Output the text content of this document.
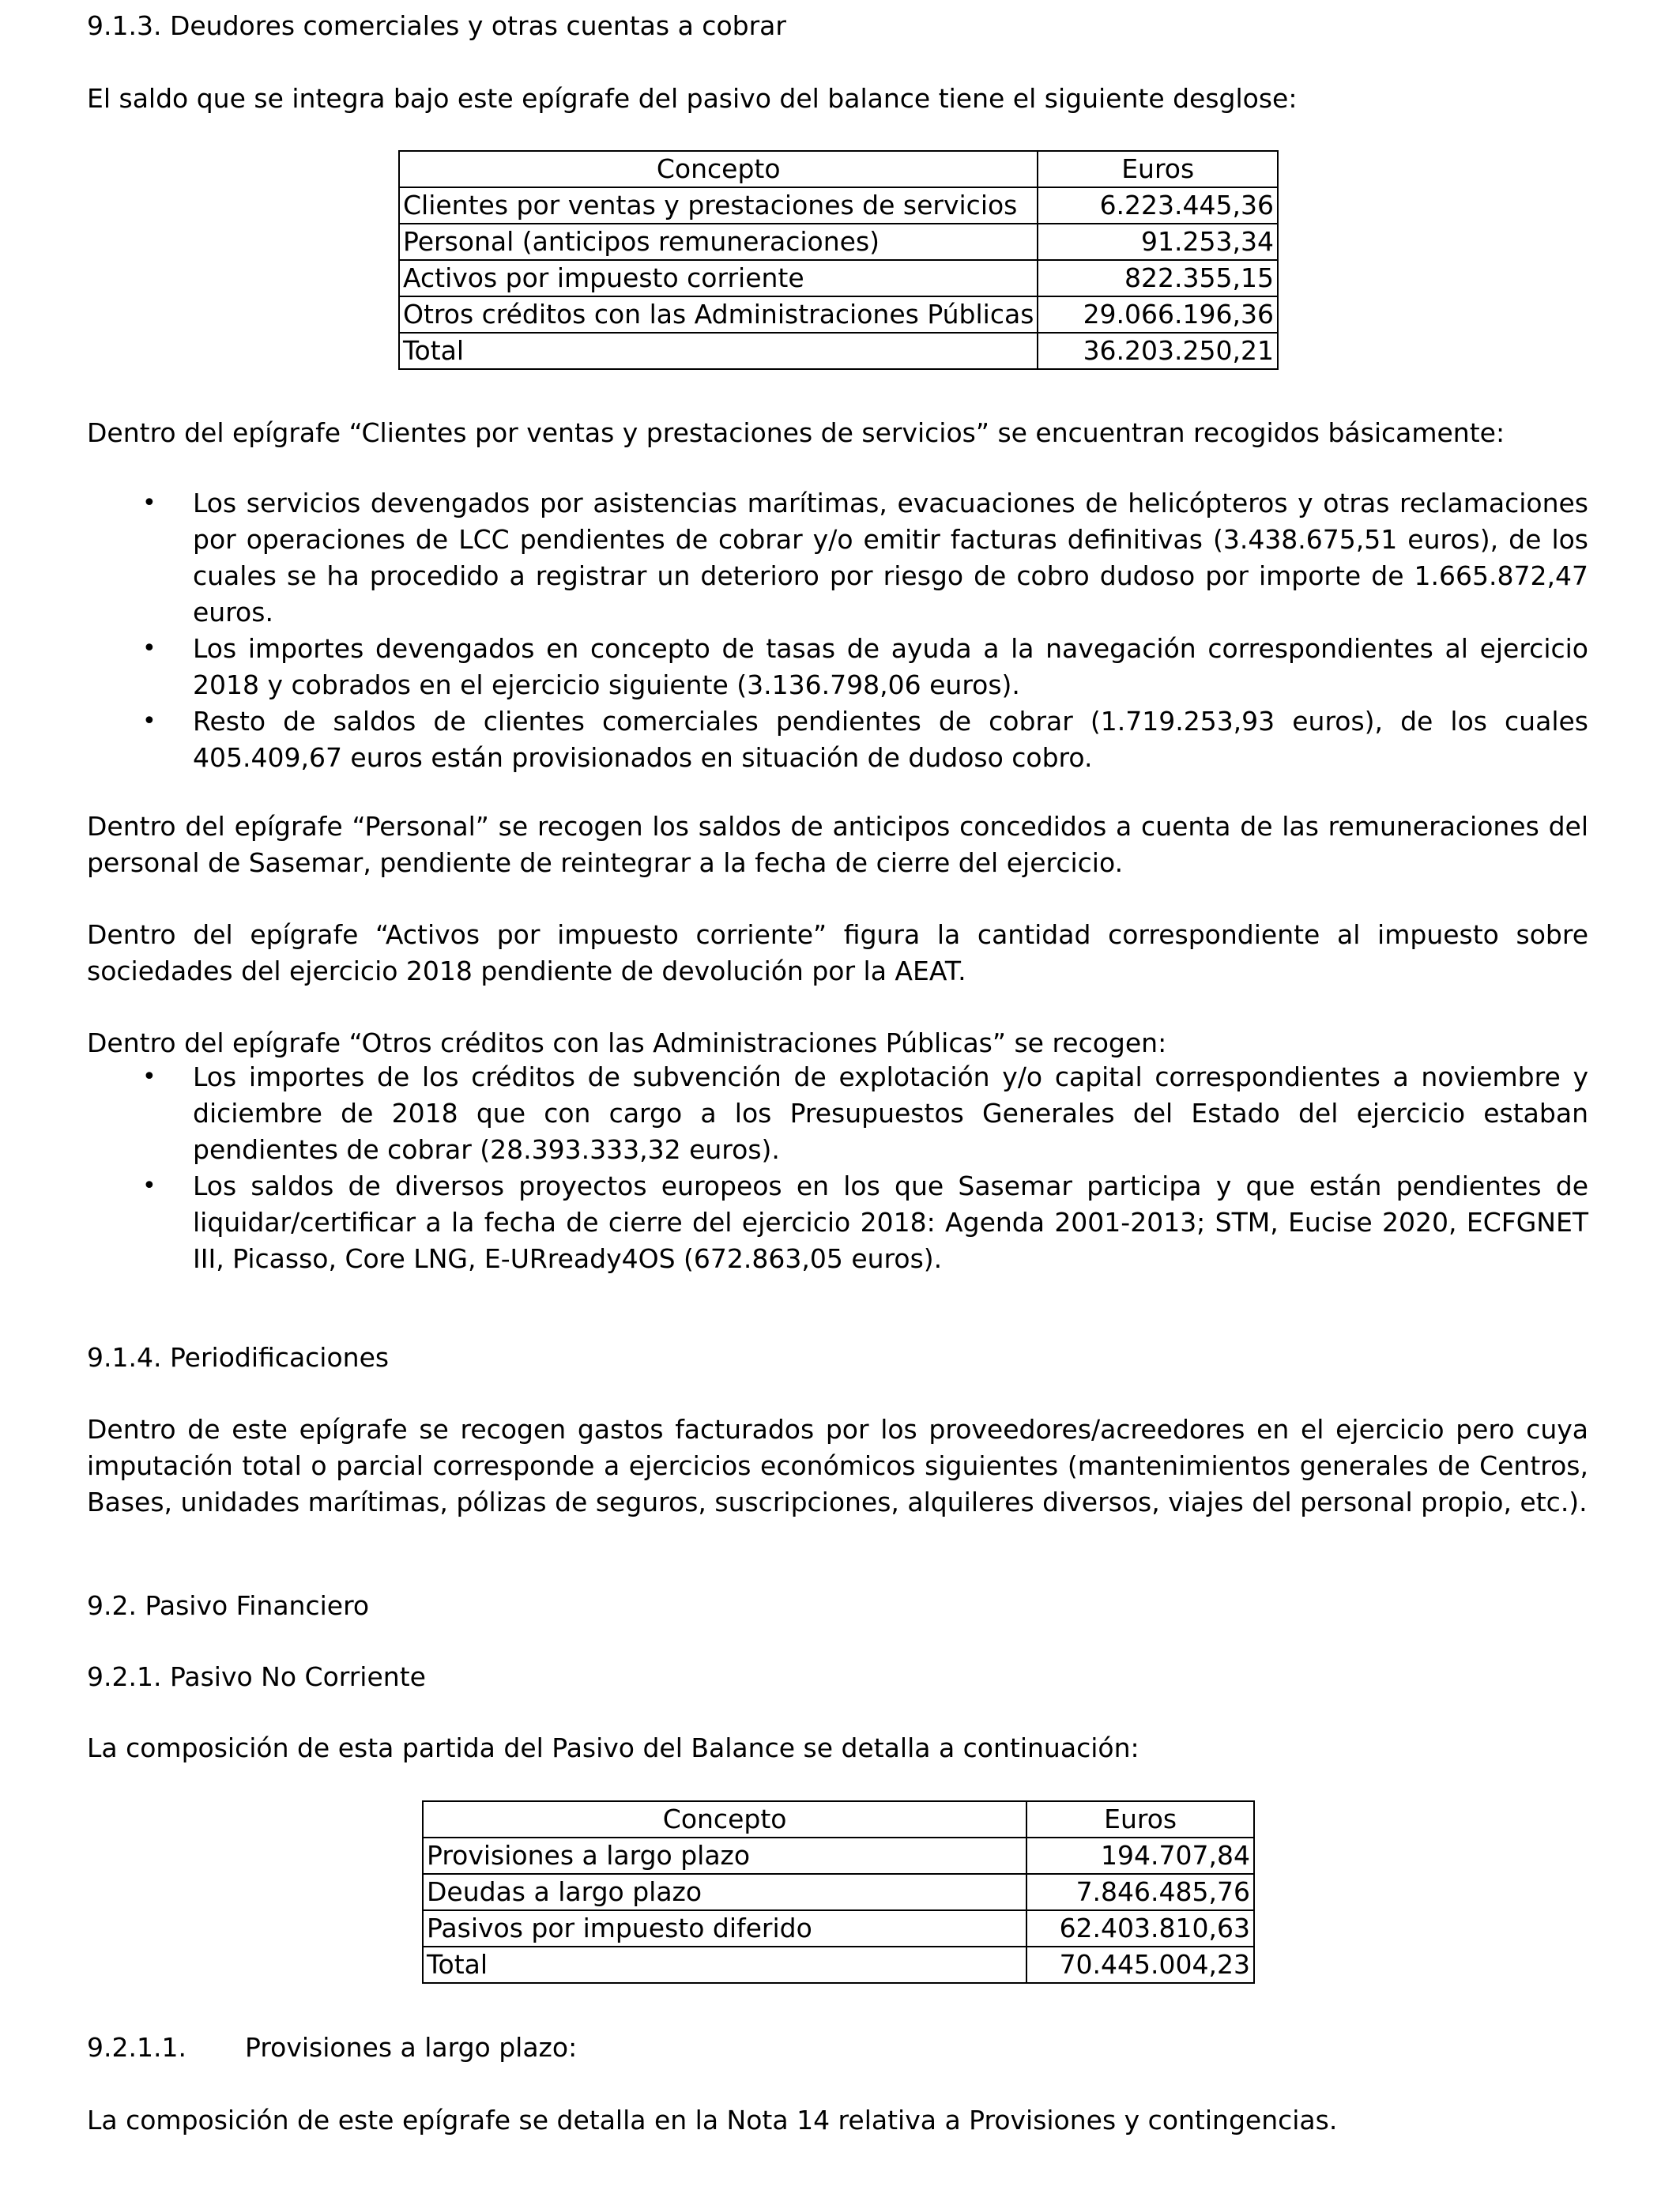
9.1.3. Deudores comerciales y otras cuentas a cobrar

El saldo que se integra bajo este epígrafe del pasivo del balance tiene el siguiente desglose:

Concepto	Euros
Clientes por ventas y prestaciones de servicios	6.223.445,36
Personal (anticipos remuneraciones)	91.253,34
Activos por impuesto corriente	822.355,15
Otros créditos con las Administraciones Públicas	29.066.196,36
Total	36.203.250,21

Dentro del epígrafe “Clientes por ventas y prestaciones de servicios” se encuentran recogidos básicamente:

• Los servicios devengados por asistencias marítimas, evacuaciones de helicópteros y otras reclamaciones por operaciones de LCC pendientes de cobrar y/o emitir facturas definitivas (3.438.675,51 euros), de los cuales se ha procedido a registrar un deterioro por riesgo de cobro dudoso por importe de 1.665.872,47 euros.
• Los importes devengados en concepto de tasas de ayuda a la navegación correspondientes al ejercicio 2018 y cobrados en el ejercicio siguiente (3.136.798,06 euros).
• Resto de saldos de clientes comerciales pendientes de cobrar (1.719.253,93 euros), de los cuales 405.409,67 euros están provisionados en situación de dudoso cobro.

Dentro del epígrafe “Personal” se recogen los saldos de anticipos concedidos a cuenta de las remuneraciones del personal de Sasemar, pendiente de reintegrar a la fecha de cierre del ejercicio.

Dentro del epígrafe “Activos por impuesto corriente” figura la cantidad correspondiente al impuesto sobre sociedades del ejercicio 2018 pendiente de devolución por la AEAT.

Dentro del epígrafe “Otros créditos con las Administraciones Públicas” se recogen:

• Los importes de los créditos de subvención de explotación y/o capital correspondientes a noviembre y diciembre de 2018 que con cargo a los Presupuestos Generales del Estado del ejercicio estaban pendientes de cobrar (28.393.333,32 euros).
• Los saldos de diversos proyectos europeos en los que Sasemar participa y que están pendientes de liquidar/certificar a la fecha de cierre del ejercicio 2018: Agenda 2001-2013; STM, Eucise 2020, ECFGNET III, Picasso, Core LNG, E-URready4OS (672.863,05 euros).

9.1.4. Periodificaciones

Dentro de este epígrafe se recogen gastos facturados por los proveedores/acreedores en el ejercicio pero cuya imputación total o parcial corresponde a ejercicios económicos siguientes (mantenimientos generales de Centros, Bases, unidades marítimas, pólizas de seguros, suscripciones, alquileres diversos, viajes del personal propio, etc.).

9.2. Pasivo Financiero

9.2.1. Pasivo No Corriente

La composición de esta partida del Pasivo del Balance se detalla a continuación:

Concepto	Euros
Provisiones a largo plazo	194.707,84
Deudas a largo plazo	7.846.485,76
Pasivos por impuesto diferido	62.403.810,63
Total	70.445.004,23

9.2.1.1. Provisiones a largo plazo:

La composición de este epígrafe se detalla en la Nota 14 relativa a Provisiones y contingencias.
